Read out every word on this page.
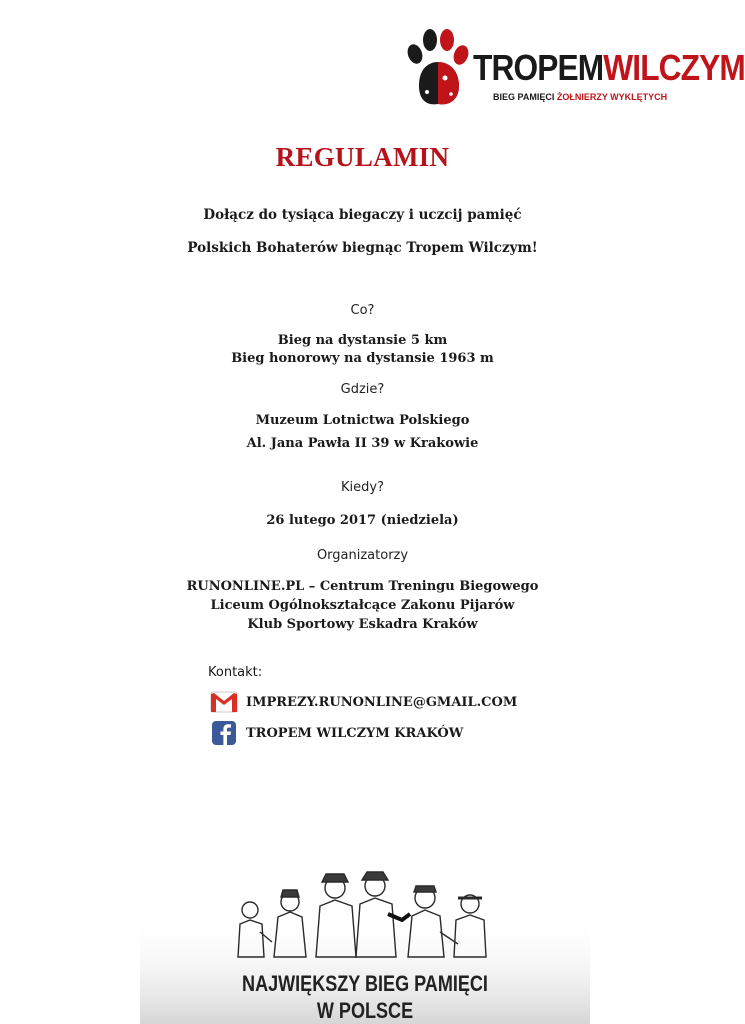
TROPEMWILCZYM
BIEG PAMIĘCI ŻOŁNIERZY WYKLĘTYCH
REGULAMIN
Dołącz do tysiąca biegaczy i uczcij pamięć
Polskich Bohaterów biegnąc Tropem Wilczym!
Co?
Bieg na dystansie 5 km
Bieg honorowy na dystansie 1963 m
Gdzie?
Muzeum Lotnictwa Polskiego
Al. Jana Pawła II 39 w Krakowie
Kiedy?
26 lutego 2017 (niedziela)
Organizatorzy
RUNONLINE.PL – Centrum Treningu Biegowego
Liceum Ogólnokształcące Zakonu Pijarów
Klub Sportowy Eskadra Kraków
Kontakt:
IMPREZY.RUNONLINE@GMAIL.COM
TROPEM WILCZYM KRAKÓW
NAJWIĘKSZY BIEG PAMIĘCI
W POLSCE
